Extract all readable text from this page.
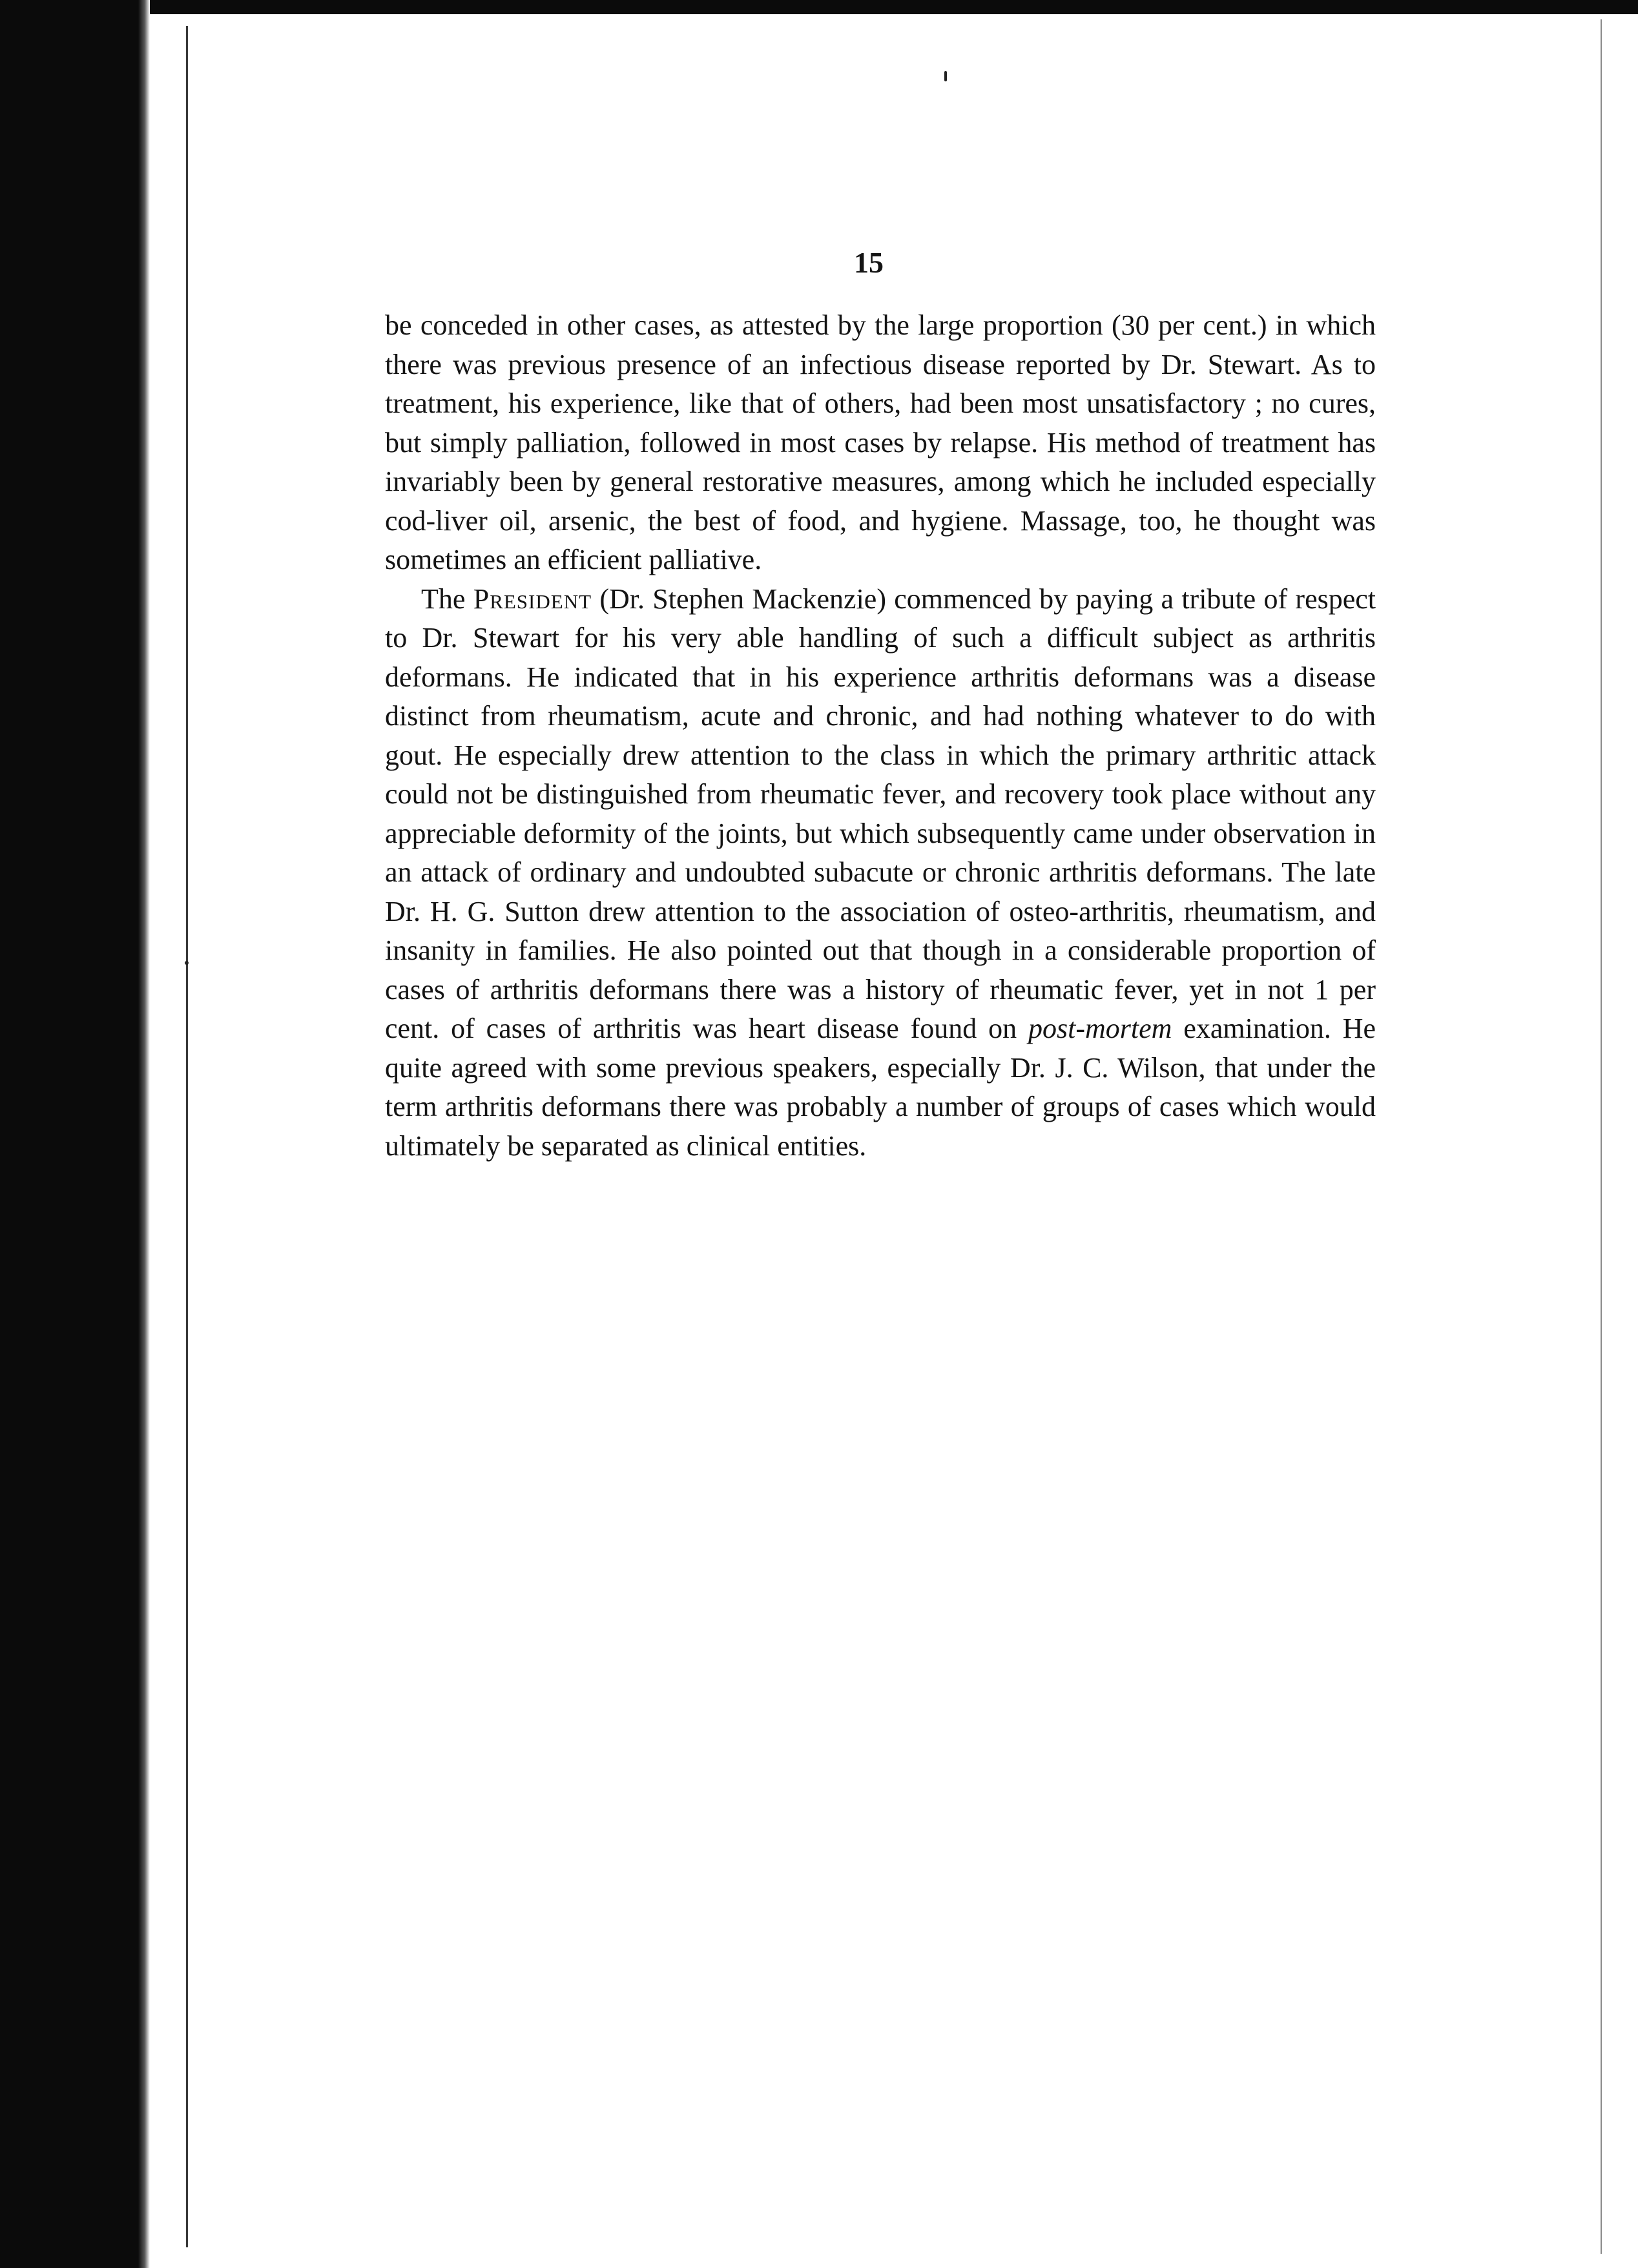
15

be conceded in other cases, as attested by the large proportion (30 per cent.) in which there was previous presence of an infectious disease reported by Dr. Stewart. As to treatment, his experience, like that of others, had been most unsatisfactory ; no cures, but simply palliation, followed in most cases by relapse. His method of treatment has invariably been by general restorative measures, among which he included especially cod-liver oil, arsenic, the best of food, and hygiene. Massage, too, he thought was sometimes an efficient palliative.

The President (Dr. Stephen Mackenzie) commenced by paying a tribute of respect to Dr. Stewart for his very able handling of such a difficult subject as arthritis deformans. He indicated that in his experience arthritis deformans was a disease distinct from rheumatism, acute and chronic, and had nothing whatever to do with gout. He especially drew attention to the class in which the primary arthritic attack could not be distinguished from rheumatic fever, and recovery took place without any appreciable deformity of the joints, but which subsequently came under observation in an attack of ordinary and undoubted subacute or chronic arthritis deformans. The late Dr. H. G. Sutton drew attention to the association of osteo-arthritis, rheumatism, and insanity in families. He also pointed out that though in a considerable proportion of cases of arthritis deformans there was a history of rheumatic fever, yet in not 1 per cent. of cases of arthritis was heart disease found on post-mortem examination. He quite agreed with some previous speakers, especially Dr. J. C. Wilson, that under the term arthritis deformans there was probably a number of groups of cases which would ultimately be separated as clinical entities.
